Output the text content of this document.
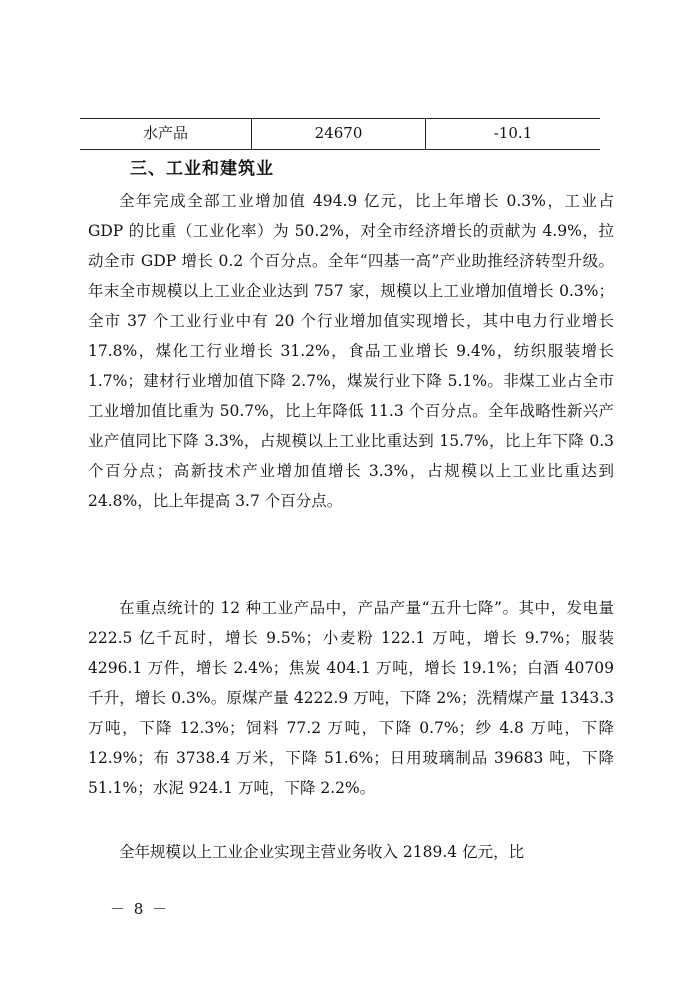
水产品	24670	-10.1
三、工业和建筑业

全年完成全部工业增加值 494.9 亿元，比上年增长 0.3%，工业占 GDP 的比重（工业化率）为 50.2%，对全市经济增长的贡献为 4.9%，拉动全市 GDP 增长 0.2 个百分点。全年“四基一高”产业助推经济转型升级。年末全市规模以上工业企业达到 757 家，规模以上工业增加值增长 0.3%；全市 37 个工业行业中有 20 个行业增加值实现增长，其中电力行业增长 17.8%，煤化工行业增长 31.2%，食品工业增长 9.4%，纺织服装增长 1.7%；建材行业增加值下降 2.7%，煤炭行业下降 5.1%。非煤工业占全市工业增加值比重为 50.7%，比上年降低 11.3 个百分点。全年战略性新兴产业产值同比下降 3.3%，占规模以上工业比重达到 15.7%，比上年下降 0.3 个百分点；高新技术产业增加值增长 3.3%，占规模以上工业比重达到 24.8%，比上年提高 3.7 个百分点。

在重点统计的 12 种工业产品中，产品产量“五升七降”。其中，发电量 222.5 亿千瓦时，增长 9.5%；小麦粉 122.1 万吨，增长 9.7%；服装 4296.1 万件，增长 2.4%；焦炭 404.1 万吨，增长 19.1%；白酒 40709 千升，增长 0.3%。原煤产量 4222.9 万吨，下降 2%；洗精煤产量 1343.3 万吨，下降 12.3%；饲料 77.2 万吨，下降 0.7%；纱 4.8 万吨，下降 12.9%；布 3738.4 万米，下降 51.6%；日用玻璃制品 39683 吨，下降 51.1%；水泥 924.1 万吨，下降 2.2%。

全年规模以上工业企业实现主营业务收入 2189.4 亿元，比

－ 8 －
